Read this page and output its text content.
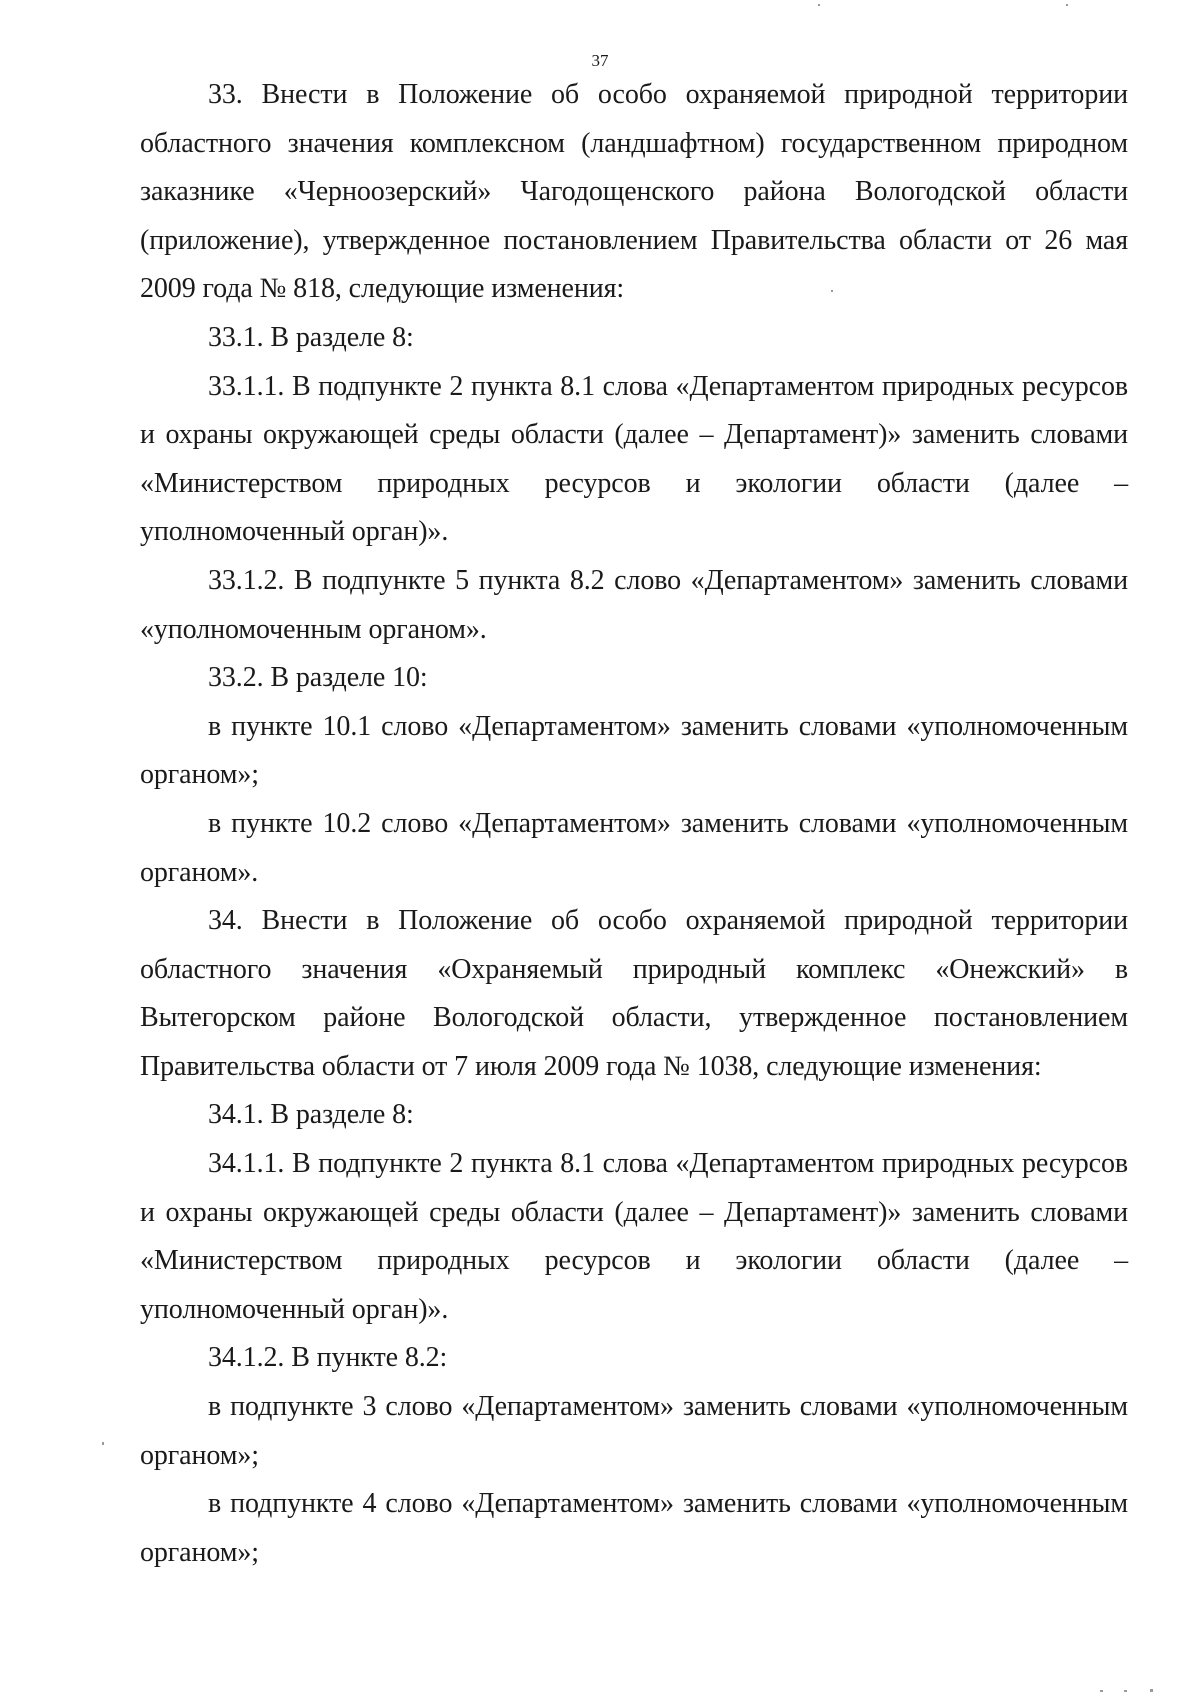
37

33. Внести в Положение об особо охраняемой природной территории областного значения комплексном (ландшафтном) государственном природном заказнике «Черноозерский» Чагодощенского района Вологодской области (приложение), утвержденное постановлением Правительства области от 26 мая 2009 года № 818, следующие изменения:

33.1. В разделе 8:

33.1.1. В подпункте 2 пункта 8.1 слова «Департаментом природных ресурсов и охраны окружающей среды области (далее – Департамент)» заменить словами «Министерством природных ресурсов и экологии области (далее – уполномоченный орган)».

33.1.2. В подпункте 5 пункта 8.2 слово «Департаментом» заменить словами «уполномоченным органом».

33.2. В разделе 10:

в пункте 10.1 слово «Департаментом» заменить словами «уполномоченным органом»;

в пункте 10.2 слово «Департаментом» заменить словами «уполномоченным органом».

34. Внести в Положение об особо охраняемой природной территории областного значения «Охраняемый природный комплекс «Онежский» в Вытегорском районе Вологодской области, утвержденное постановлением Правительства области от 7 июля 2009 года № 1038, следующие изменения:

34.1. В разделе 8:

34.1.1. В подпункте 2 пункта 8.1 слова «Департаментом природных ресурсов и охраны окружающей среды области (далее – Департамент)» заменить словами «Министерством природных ресурсов и экологии области (далее – уполномоченный орган)».

34.1.2. В пункте 8.2:

в подпункте 3 слово «Департаментом» заменить словами «уполномоченным органом»;

в подпункте 4 слово «Департаментом» заменить словами «уполномоченным органом»;
